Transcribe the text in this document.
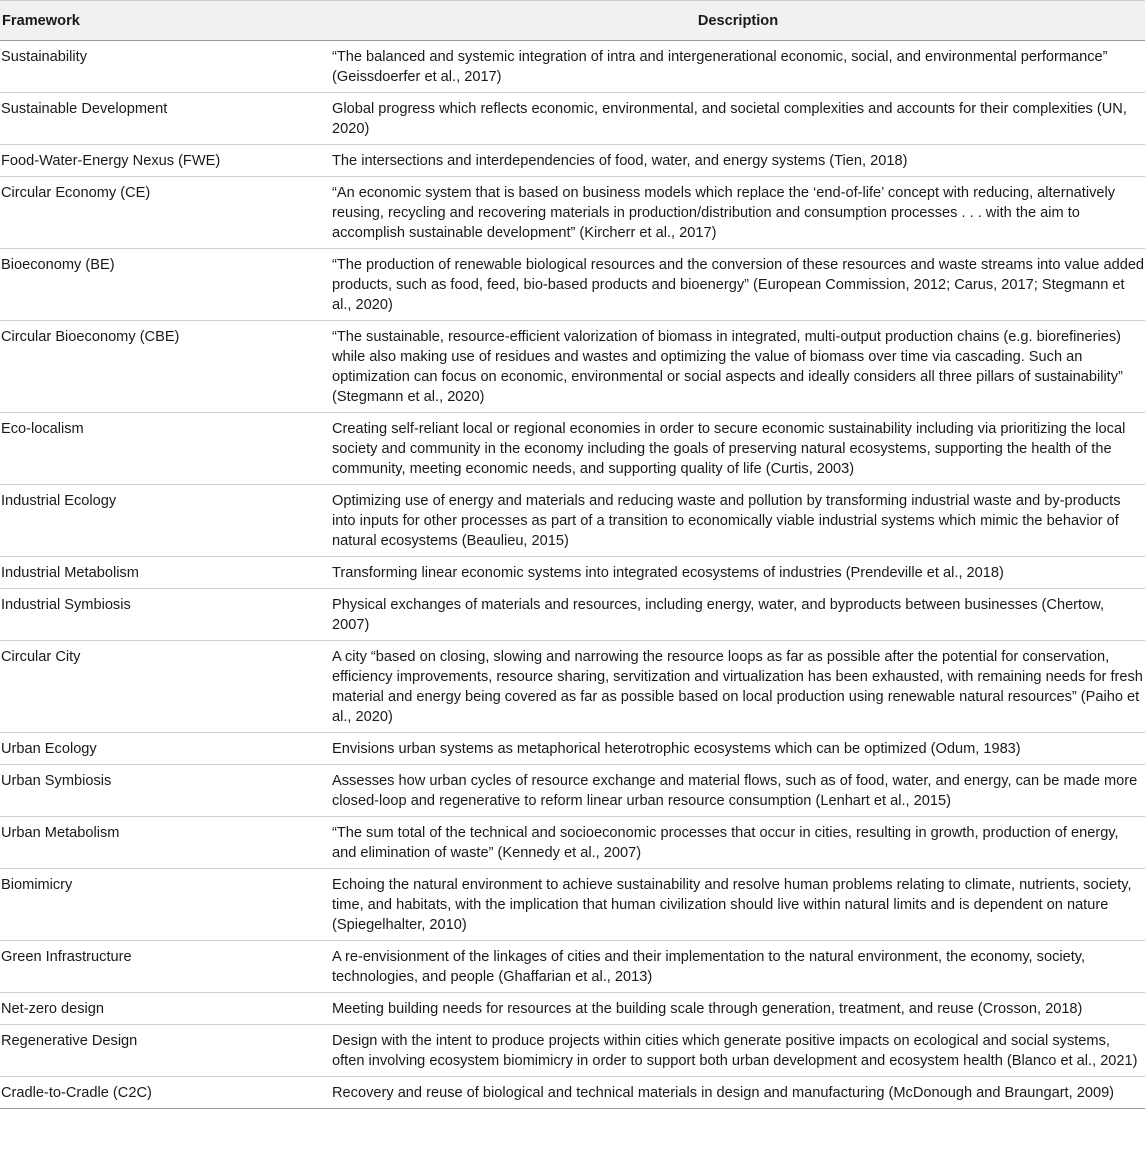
Framework	Description
Sustainability	“The balanced and systemic integration of intra and intergenerational economic, social, and environmental performance” (Geissdoerfer et al., 2017)
Sustainable Development	Global progress which reflects economic, environmental, and societal complexities and accounts for their complexities (UN, 2020)
Food-Water-Energy Nexus (FWE)	The intersections and interdependencies of food, water, and energy systems (Tien, 2018)
Circular Economy (CE)	“An economic system that is based on business models which replace the ‘end-of-life’ concept with reducing, alternatively reusing, recycling and recovering materials in production/distribution and consumption processes . . . with the aim to accomplish sustainable development” (Kircherr et al., 2017)
Bioeconomy (BE)	“The production of renewable biological resources and the conversion of these resources and waste streams into value added products, such as food, feed, bio-based products and bioenergy” (European Commission, 2012; Carus, 2017; Stegmann et al., 2020)
Circular Bioeconomy (CBE)	“The sustainable, resource-efficient valorization of biomass in integrated, multi-output production chains (e.g. biorefineries) while also making use of residues and wastes and optimizing the value of biomass over time via cascading. Such an optimization can focus on economic, environmental or social aspects and ideally considers all three pillars of sustainability” (Stegmann et al., 2020)
Eco-localism	Creating self-reliant local or regional economies in order to secure economic sustainability including via prioritizing the local society and community in the economy including the goals of preserving natural ecosystems, supporting the health of the community, meeting economic needs, and supporting quality of life (Curtis, 2003)
Industrial Ecology	Optimizing use of energy and materials and reducing waste and pollution by transforming industrial waste and by-products into inputs for other processes as part of a transition to economically viable industrial systems which mimic the behavior of natural ecosystems (Beaulieu, 2015)
Industrial Metabolism	Transforming linear economic systems into integrated ecosystems of industries (Prendeville et al., 2018)
Industrial Symbiosis	Physical exchanges of materials and resources, including energy, water, and byproducts between businesses (Chertow, 2007)
Circular City	A city “based on closing, slowing and narrowing the resource loops as far as possible after the potential for conservation, efficiency improvements, resource sharing, servitization and virtualization has been exhausted, with remaining needs for fresh material and energy being covered as far as possible based on local production using renewable natural resources” (Paiho et al., 2020)
Urban Ecology	Envisions urban systems as metaphorical heterotrophic ecosystems which can be optimized (Odum, 1983)
Urban Symbiosis	Assesses how urban cycles of resource exchange and material flows, such as of food, water, and energy, can be made more closed-loop and regenerative to reform linear urban resource consumption (Lenhart et al., 2015)
Urban Metabolism	“The sum total of the technical and socioeconomic processes that occur in cities, resulting in growth, production of energy, and elimination of waste” (Kennedy et al., 2007)
Biomimicry	Echoing the natural environment to achieve sustainability and resolve human problems relating to climate, nutrients, society, time, and habitats, with the implication that human civilization should live within natural limits and is dependent on nature (Spiegelhalter, 2010)
Green Infrastructure	A re-envisionment of the linkages of cities and their implementation to the natural environment, the economy, society, technologies, and people (Ghaffarian et al., 2013)
Net-zero design	Meeting building needs for resources at the building scale through generation, treatment, and reuse (Crosson, 2018)
Regenerative Design	Design with the intent to produce projects within cities which generate positive impacts on ecological and social systems, often involving ecosystem biomimicry in order to support both urban development and ecosystem health (Blanco et al., 2021)
Cradle-to-Cradle (C2C)	Recovery and reuse of biological and technical materials in design and manufacturing (McDonough and Braungart, 2009)
